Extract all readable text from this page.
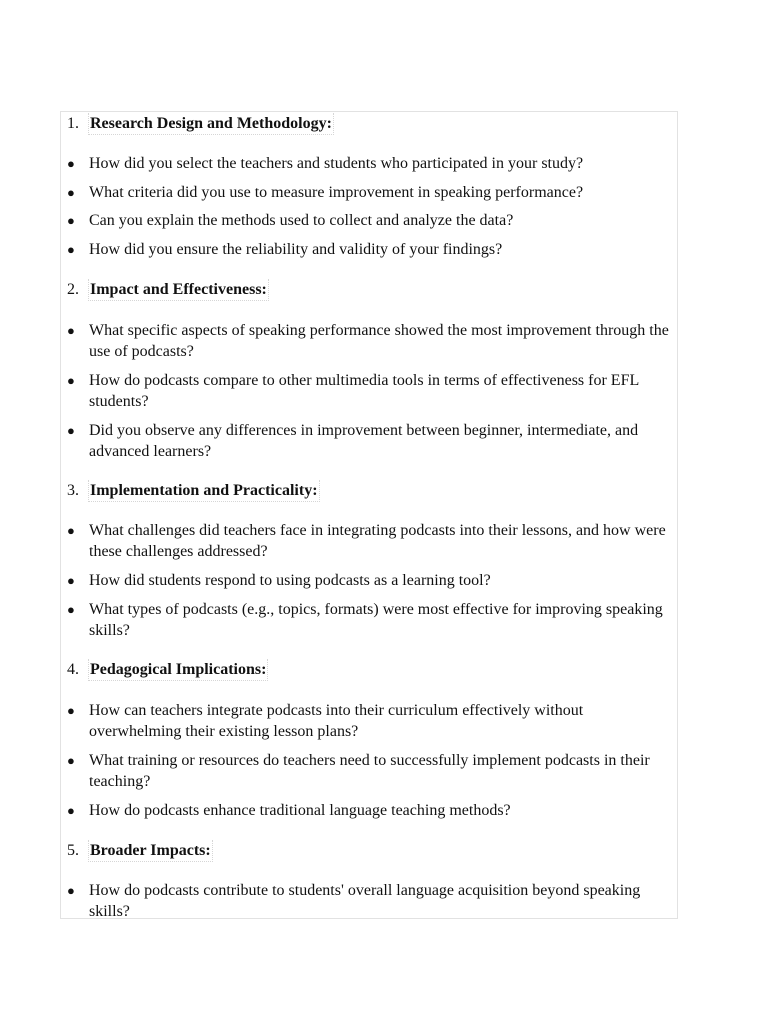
1. Research Design and Methodology:
● How did you select the teachers and students who participated in your study?
● What criteria did you use to measure improvement in speaking performance?
● Can you explain the methods used to collect and analyze the data?
● How did you ensure the reliability and validity of your findings?
2. Impact and Effectiveness:
● What specific aspects of speaking performance showed the most improvement through the use of podcasts?
● How do podcasts compare to other multimedia tools in terms of effectiveness for EFL students?
● Did you observe any differences in improvement between beginner, intermediate, and advanced learners?
3. Implementation and Practicality:
● What challenges did teachers face in integrating podcasts into their lessons, and how were these challenges addressed?
● How did students respond to using podcasts as a learning tool?
● What types of podcasts (e.g., topics, formats) were most effective for improving speaking skills?
4. Pedagogical Implications:
● How can teachers integrate podcasts into their curriculum effectively without overwhelming their existing lesson plans?
● What training or resources do teachers need to successfully implement podcasts in their teaching?
● How do podcasts enhance traditional language teaching methods?
5. Broader Impacts:
● How do podcasts contribute to students' overall language acquisition beyond speaking skills?
